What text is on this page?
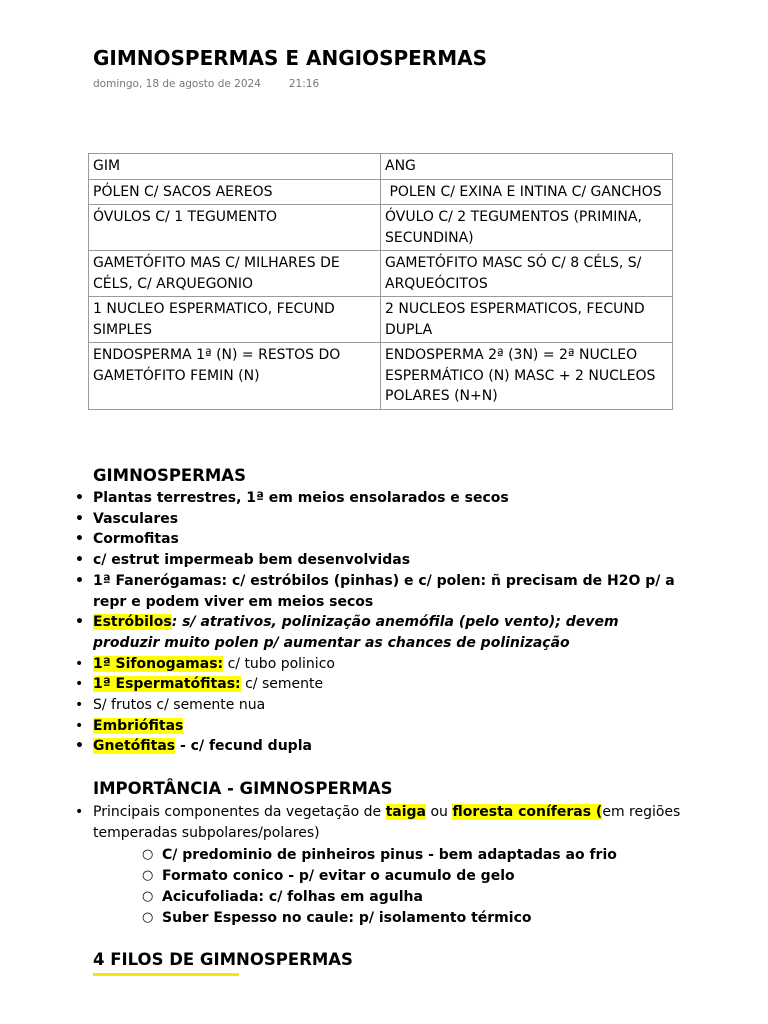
GIMNOSPERMAS E ANGIOSPERMAS
domingo, 18 de agosto de 2024	21:16
GIM	ANG
PÓLEN C/ SACOS AEREOS	POLEN C/ EXINA E INTINA C/ GANCHOS
ÓVULOS C/ 1 TEGUMENTO	ÓVULO C/ 2 TEGUMENTOS (PRIMINA, SECUNDINA)
GAMETÓFITO MAS C/ MILHARES DE CÉLS, C/ ARQUEGONIO	GAMETÓFITO MASC SÓ C/ 8 CÉLS, S/ ARQUEÓCITOS
1 NUCLEO ESPERMATICO, FECUND SIMPLES	2 NUCLEOS ESPERMATICOS, FECUND DUPLA
ENDOSPERMA 1ª (N) = RESTOS DO GAMETÓFITO FEMIN (N)	ENDOSPERMA 2ª (3N) = 2ª NUCLEO ESPERMÁTICO (N) MASC + 2 NUCLEOS POLARES (N+N)
GIMNOSPERMAS
• Plantas terrestres, 1ª em meios ensolarados e secos
• Vasculares
• Cormofitas
• c/ estrut impermeab bem desenvolvidas
• 1ª Fanerógamas: c/ estróbilos (pinhas) e c/ polen: ñ precisam de H2O p/ a repr e podem viver em meios secos
• Estróbilos: s/ atrativos, polinização anemófila (pelo vento); devem produzir muito polen p/ aumentar as chances de polinização
• 1ª Sifonogamas: c/ tubo polinico
• 1ª Espermatófitas: c/ semente
• S/ frutos c/ semente nua
• Embriófitas
• Gnetófitas - c/ fecund dupla
IMPORTÂNCIA - GIMNOSPERMAS
• Principais componentes da vegetação de taiga ou floresta coníferas (em regiões temperadas subpolares/polares)
○ C/ predominio de pinheiros pinus - bem adaptadas ao frio
○ Formato conico - p/ evitar o acumulo de gelo
○ Acicufoliada: c/ folhas em agulha
○ Suber Espesso no caule: p/ isolamento térmico
4 FILOS DE GIMNOSPERMAS
